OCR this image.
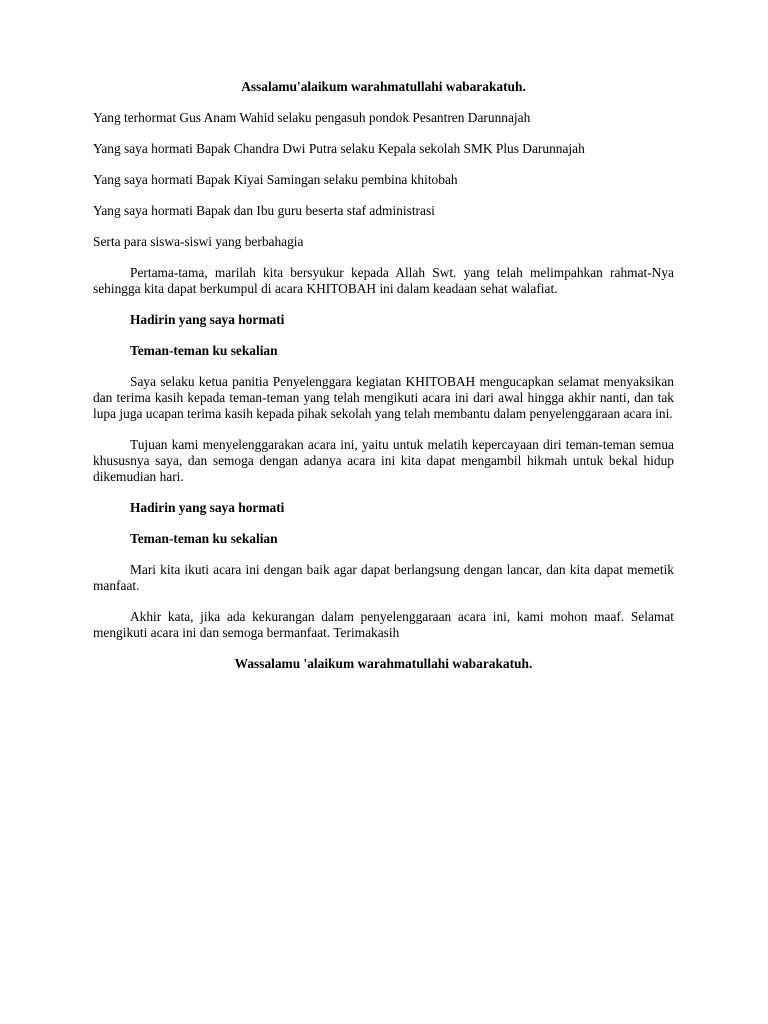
Assalamu'alaikum warahmatullahi wabarakatuh.
Yang terhormat Gus Anam Wahid selaku pengasuh pondok Pesantren Darunnajah
Yang saya hormati Bapak Chandra Dwi Putra selaku Kepala sekolah SMK Plus Darunnajah
Yang saya hormati Bapak Kiyai Samingan selaku pembina khitobah
Yang saya hormati Bapak dan Ibu guru beserta staf administrasi
Serta para siswa-siswi yang berbahagia

Pertama-tama, marilah kita bersyukur kepada Allah Swt. yang telah melimpahkan rahmat-Nya sehingga kita dapat berkumpul di acara KHITOBAH ini dalam keadaan sehat walafiat.

Hadirin yang saya hormati
Teman-teman ku sekalian

Saya selaku ketua panitia Penyelenggara kegiatan KHITOBAH mengucapkan selamat menyaksikan dan terima kasih kepada teman-teman yang telah mengikuti acara ini dari awal hingga akhir nanti, dan tak lupa juga ucapan terima kasih kepada pihak sekolah yang telah membantu dalam penyelenggaraan acara ini.

Tujuan kami menyelenggarakan acara ini, yaitu untuk melatih kepercayaan diri teman-teman semua khususnya saya, dan semoga dengan adanya acara ini kita dapat mengambil hikmah untuk bekal hidup dikemudian hari.

Hadirin yang saya hormati
Teman-teman ku sekalian

Mari kita ikuti acara ini dengan baik agar dapat berlangsung dengan lancar, dan kita dapat memetik manfaat.

Akhir kata, jika ada kekurangan dalam penyelenggaraan acara ini, kami mohon maaf. Selamat mengikuti acara ini dan semoga bermanfaat. Terimakasih

Wassalamu 'alaikum warahmatullahi wabarakatuh.
